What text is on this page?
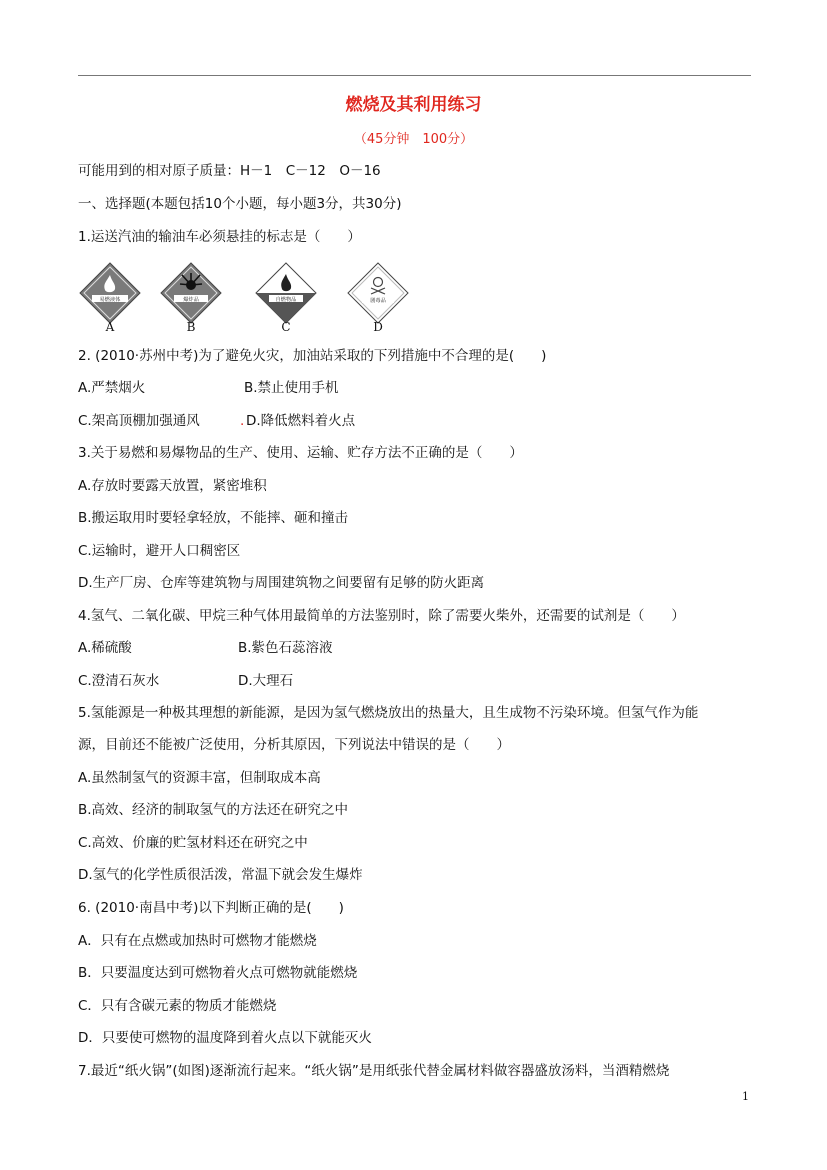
燃烧及其利用练习
（45分钟　100分）
可能用到的相对原子质量：H－1　C－12　O－16
一、选择题(本题包括10个小题，每小题3分，共30分)
1.运送汽油的输油车必须悬挂的标志是（　　）
易燃液体	爆炸品	自燃物品	剧毒品
A	B	C	D
2. (2010·苏州中考)为了避免火灾，加油站采取的下列措施中不合理的是(　　)
A.严禁烟火	B.禁止使用手机
C.架高顶棚加强通风	. D.降低燃料着火点
3.关于易燃和易爆物品的生产、使用、运输、贮存方法不正确的是（　　）
A.存放时要露天放置，紧密堆积
B.搬运取用时要轻拿轻放，不能摔、砸和撞击
C.运输时，避开人口稠密区
D.生产厂房、仓库等建筑物与周围建筑物之间要留有足够的防火距离
4.氢气、二氧化碳、甲烷三种气体用最简单的方法鉴别时，除了需要火柴外，还需要的试剂是（　　）
A.稀硫酸	B.紫色石蕊溶液
C.澄清石灰水	D.大理石
5.氢能源是一种极其理想的新能源，是因为氢气燃烧放出的热量大，且生成物不污染环境。但氢气作为能
源，目前还不能被广泛使用，分析其原因，下列说法中错误的是（　　）
A.虽然制氢气的资源丰富，但制取成本高
B.高效、经济的制取氢气的方法还在研究之中
C.高效、价廉的贮氢材料还在研究之中
D.氢气的化学性质很活泼，常温下就会发生爆炸
6. (2010·南昌中考)以下判断正确的是(　　)
A．只有在点燃或加热时可燃物才能燃烧
B．只要温度达到可燃物着火点可燃物就能燃烧
C．只有含碳元素的物质才能燃烧
D．只要使可燃物的温度降到着火点以下就能灭火
7.最近“纸火锅”(如图)逐渐流行起来。“纸火锅”是用纸张代替金属材料做容器盛放汤料，当酒精燃烧
1
